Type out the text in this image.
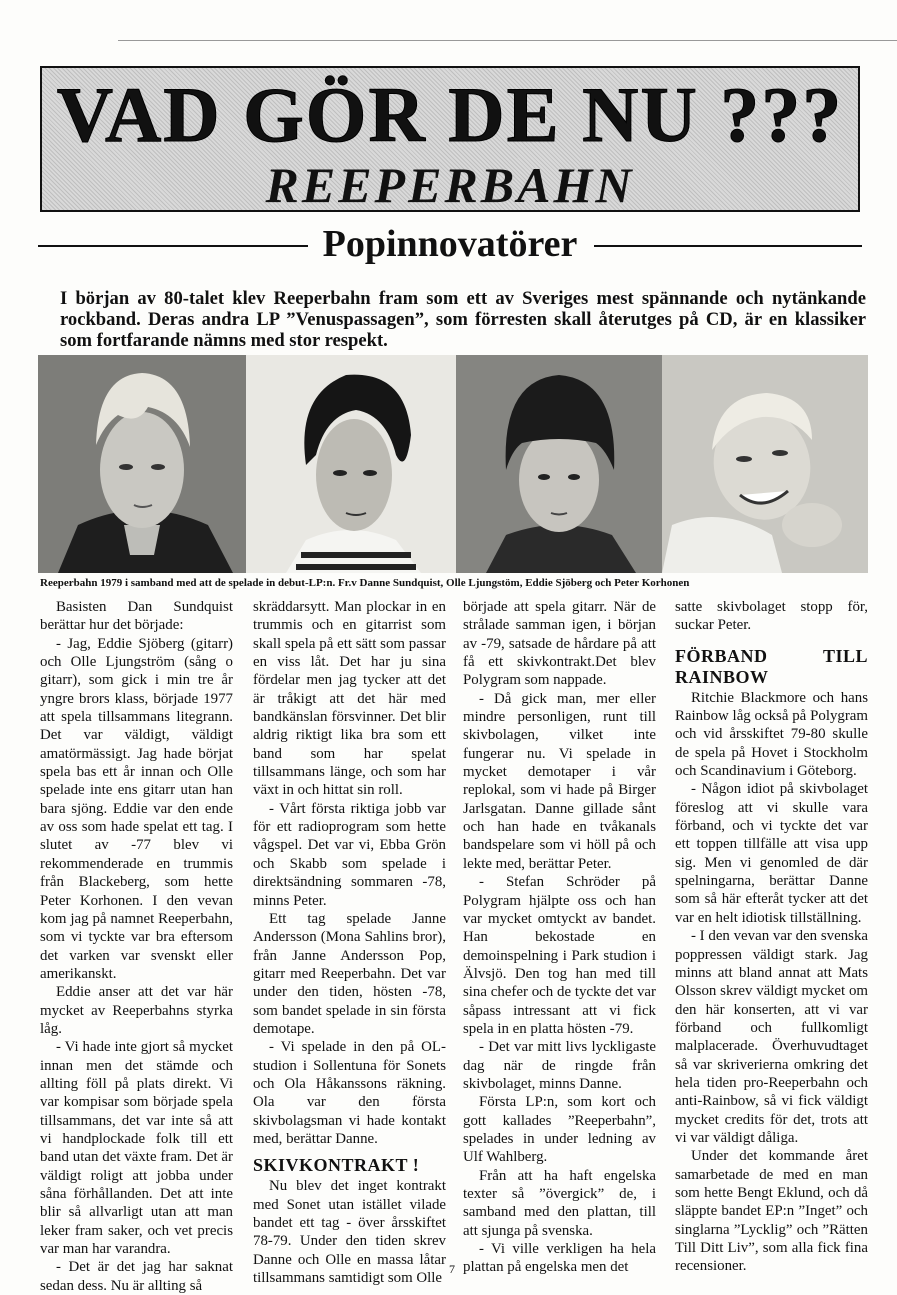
VAD GÖR DE NU ???
REEPERBAHN
Popinnovatörer
I början av 80-talet klev Reeperbahn fram som ett av Sveriges mest spännande och nytänkande rockband. Deras andra LP ”Venuspassagen”, som förresten skall återutges på CD, är en klassiker som fortfarande nämns med stor respekt.
Reeperbahn 1979 i samband med att de spelade in debut-LP:n. Fr.v Danne Sundquist, Olle Ljungstöm, Eddie Sjöberg och Peter Korhonen

Basisten Dan Sundquist berättar hur det började:

- Jag, Eddie Sjöberg (gitarr) och Olle Ljungström (sång o gitarr), som gick i min tre år yngre brors klass, började 1977 att spela tillsammans litegrann. Det var väldigt, väldigt amatörmässigt. Jag hade börjat spela bas ett år innan och Olle spelade inte ens gitarr utan han bara sjöng. Eddie var den ende av oss som hade spelat ett tag. I slutet av -77 blev vi rekommenderade en trummis från Blackeberg, som hette Peter Korhonen. I den vevan kom jag på namnet Reeperbahn, som vi tyckte var bra eftersom det varken var svenskt eller amerikanskt.

Eddie anser att det var här mycket av Reeperbahns styrka låg.

- Vi hade inte gjort så mycket innan men det stämde och allting föll på plats direkt. Vi var kompisar som började spela tillsammans, det var inte så att vi handplockade folk till ett band utan det växte fram. Det är väldigt roligt att jobba under såna förhållanden. Det att inte blir så allvarligt utan att man leker fram saker, och vet precis var man har varandra.

- Det är det jag har saknat sedan dess. Nu är allting så

skräddarsytt. Man plockar in en trummis och en gitarrist som skall spela på ett sätt som passar en viss låt. Det har ju sina fördelar men jag tycker att det är tråkigt att det här med bandkänslan försvinner. Det blir aldrig riktigt lika bra som ett band som har spelat tillsammans länge, och som har växt in och hittat sin roll.

- Vårt första riktiga jobb var för ett radioprogram som hette vågspel. Det var vi, Ebba Grön och Skabb som spelade i direktsändning sommaren -78, minns Peter.

Ett tag spelade Janne Andersson (Mona Sahlins bror), från Janne Andersson Pop, gitarr med Reeperbahn. Det var under den tiden, hösten -78, som bandet spelade in sin första demotape.

- Vi spelade in den på OL-studion i Sollentuna för Sonets och Ola Håkanssons räkning. Ola var den första skivbolagsman vi hade kontakt med, berättar Danne.

SKIVKONTRAKT !

Nu blev det inget kontrakt med Sonet utan istället vilade bandet ett tag - över årsskiftet 78-79. Under den tiden skrev Danne och Olle en massa låtar tillsammans samtidigt som Olle

började att spela gitarr. När de strålade samman igen, i början av -79, satsade de hårdare på att få ett skivkontrakt.Det blev Polygram som nappade.

- Då gick man, mer eller mindre personligen, runt till skivbolagen, vilket inte fungerar nu. Vi spelade in mycket demotaper i vår replokal, som vi hade på Birger Jarlsgatan. Danne gillade sånt och han hade en tvåkanals bandspelare som vi höll på och lekte med, berättar Peter.

- Stefan Schröder på Polygram hjälpte oss och han var mycket omtyckt av bandet. Han bekostade en demoinspelning i Park studion i Älvsjö. Den tog han med till sina chefer och de tyckte det var såpass intressant att vi fick spela in en platta hösten -79.

- Det var mitt livs lyckligaste dag när de ringde från skivbolaget, minns Danne.

Första LP:n, som kort och gott kallades ”Reeperbahn”, spelades in under ledning av Ulf Wahlberg.

Från att ha haft engelska texter så ”övergick” de, i samband med den plattan, till att sjunga på svenska.

- Vi ville verkligen ha hela plattan på engelska men det

satte skivbolaget stopp för, suckar Peter.

FÖRBAND	TILL
RAINBOW

Ritchie Blackmore och hans Rainbow låg också på Polygram och vid årsskiftet 79-80 skulle de spela på Hovet i Stockholm och Scandinavium i Göteborg.

- Någon idiot på skivbolaget föreslog att vi skulle vara förband, och vi tyckte det var ett toppen tillfälle att visa upp sig. Men vi genomled de där spelningarna, berättar Danne som så här efteråt tycker att det var en helt idiotisk tillställning.

- I den vevan var den svenska poppressen väldigt stark. Jag minns att bland annat att Mats Olsson skrev väldigt mycket om den här konserten, att vi var förband och fullkomligt malplacerade. Överhuvudtaget så var skriverierna omkring det hela tiden pro-Reeperbahn och anti-Rainbow, så vi fick väldigt mycket credits för det, trots att vi var väldigt dåliga.

Under det kommande året samarbetade de med en man som hette Bengt Eklund, och då släppte bandet EP:n ”Inget” och singlarna ”Lycklig” och ”Rätten Till Ditt Liv”, som alla fick fina recensioner.

7
